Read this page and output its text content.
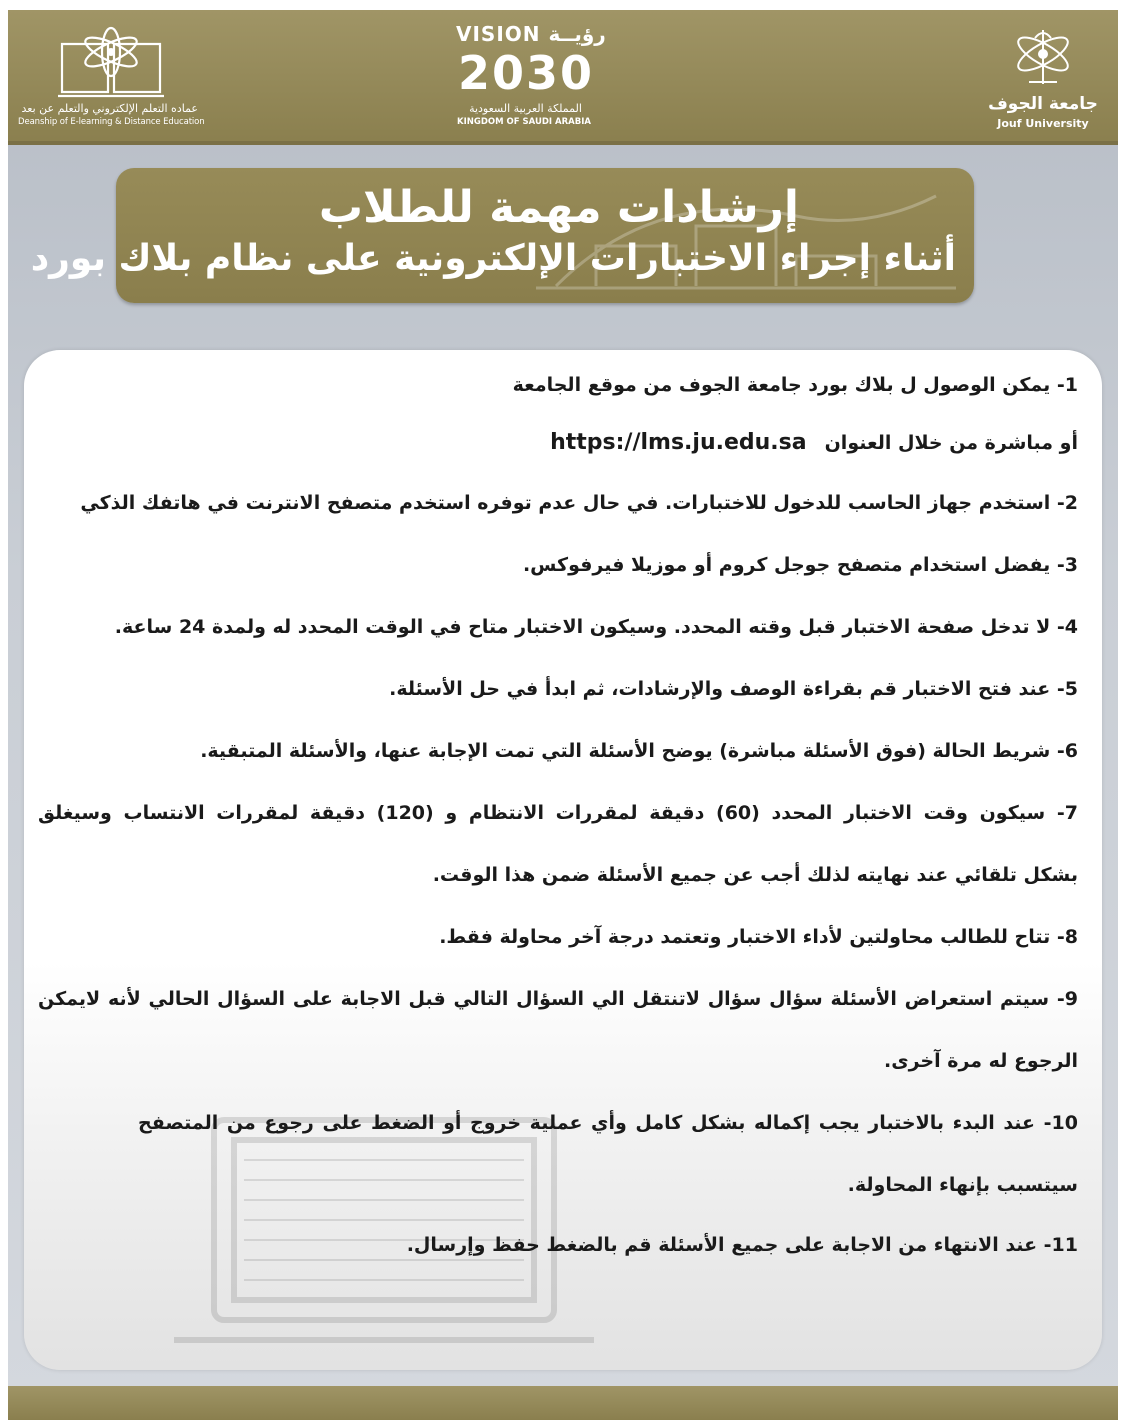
عماده التعلم الإلكتروني والتعلم عن بعد
Deanship of E-learning & Distance Education
VISION رؤيــة
2030
المملكة العربية السعودية
KINGDOM OF SAUDI ARABIA
جامعة الجوف
Jouf University
إرشادات مهمة للطلاب
أثناء إجراء الاختبارات الإلكترونية على نظام بلاك بورد
1- يمكن الوصول ل بلاك بورد جامعة الجوف من موقع الجامعة
أو مباشرة من خلال العنوانhttps://lms.ju.edu.sa
2- استخدم جهاز الحاسب للدخول للاختبارات. في حال عدم توفره استخدم متصفح الانترنت في هاتفك الذكي
3- يفضل استخدام متصفح جوجل كروم أو موزيلا فيرفوكس.
4- لا تدخل صفحة الاختبار قبل وقته المحدد. وسيكون الاختبار متاح في الوقت المحدد له ولمدة 24 ساعة.
5- عند فتح الاختبار قم بقراءة الوصف والإرشادات، ثم ابدأ في حل الأسئلة.
6- شريط الحالة (فوق الأسئلة مباشرة) يوضح الأسئلة التي تمت الإجابة عنها، والأسئلة المتبقية.
7- سيكون وقت الاختبار المحدد (60) دقيقة لمقررات الانتظام و (120) دقيقة لمقررات الانتساب وسيغلق
بشكل تلقائي عند نهايته لذلك أجب عن جميع الأسئلة ضمن هذا الوقت.
8- تتاح للطالب محاولتين لأداء الاختبار وتعتمد درجة آخر محاولة فقط.
9- سيتم استعراض الأسئلة سؤال سؤال لاتنتقل الي السؤال التالي قبل الاجابة على السؤال الحالي لأنه لايمكن
الرجوع له مرة آخرى.
10- عند البدء بالاختبار يجب إكماله بشكل كامل وأي عملية خروج أو الضغط على رجوع من المتصفح
سيتسبب بإنهاء المحاولة.
11- عند الانتهاء من الاجابة على جميع الأسئلة قم بالضغط حفظ وإرسال.
